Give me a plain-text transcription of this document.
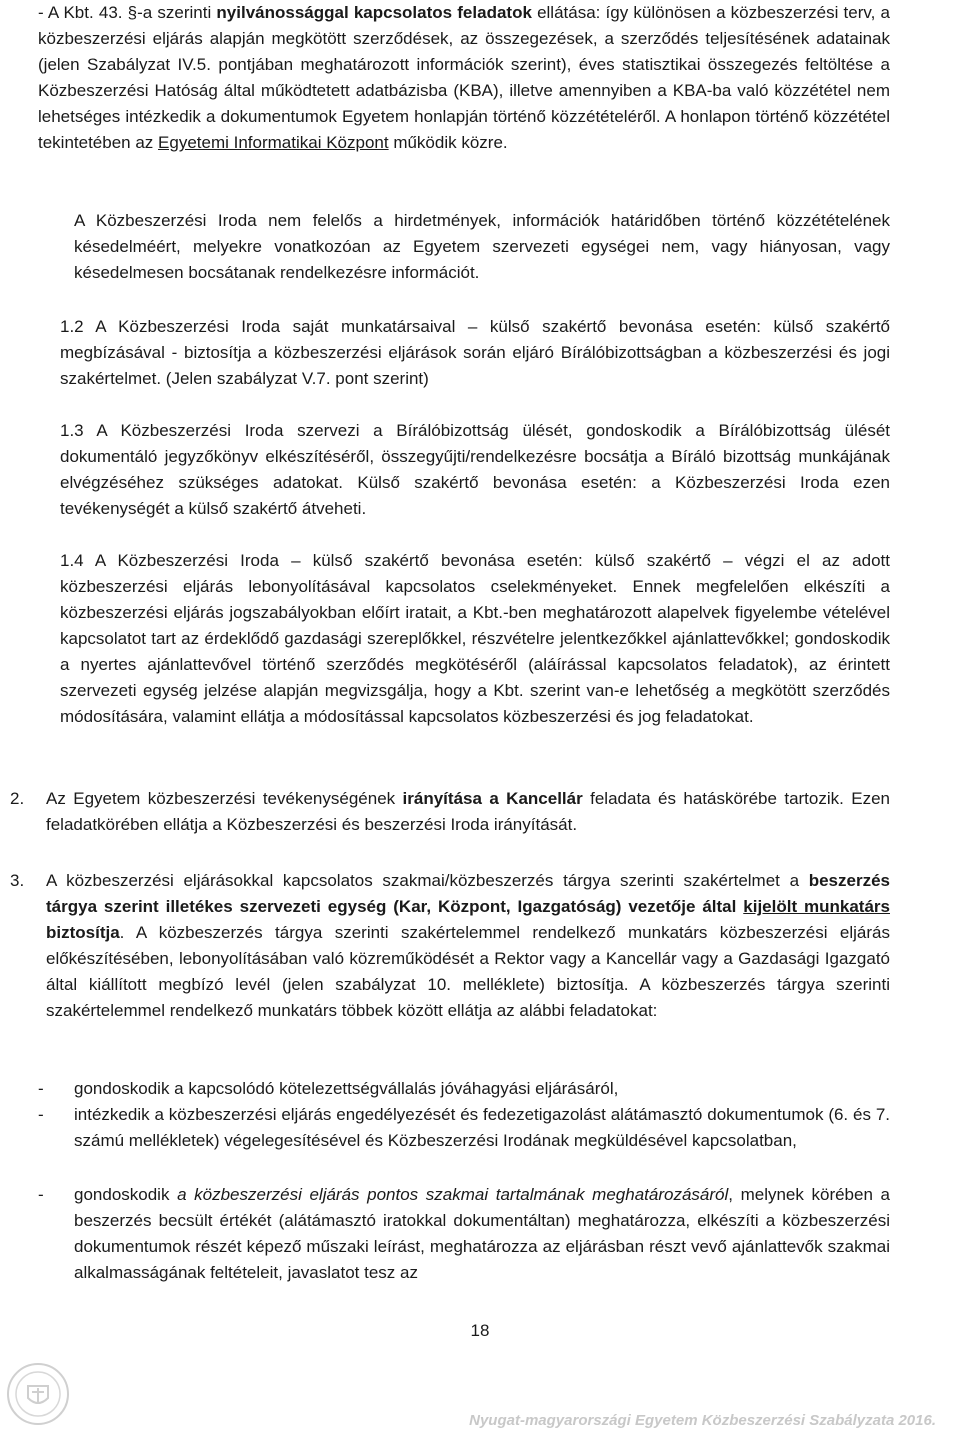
- A Kbt. 43. §-a szerinti nyilvánossággal kapcsolatos feladatok ellátása: így különösen a közbeszerzési terv, a közbeszerzési eljárás alapján megkötött szerződések, az összegezések, a szerződés teljesítésének adatainak (jelen Szabályzat IV.5. pontjában meghatározott információk szerint), éves statisztikai összegezés feltöltése a Közbeszerzési Hatóság által működtetett adatbázisba (KBA), illetve amennyiben a KBA-ba való közzététel nem lehetséges intézkedik a dokumentumok Egyetem honlapján történő közzétételéről. A honlapon történő közzététel tekintetében az Egyetemi Informatikai Központ működik közre.

A Közbeszerzési Iroda nem felelős a hirdetmények, információk határidőben történő közzétételének késedelméért, melyekre vonatkozóan az Egyetem szervezeti egységei nem, vagy hiányosan, vagy késedelmesen bocsátanak rendelkezésre információt.

1.2 A Közbeszerzési Iroda saját munkatársaival – külső szakértő bevonása esetén: külső szakértő megbízásával - biztosítja a közbeszerzési eljárások során eljáró Bírálóbizottságban a közbeszerzési és jogi szakértelmet. (Jelen szabályzat V.7. pont szerint)

1.3 A Közbeszerzési Iroda szervezi a Bírálóbizottság ülését, gondoskodik a Bírálóbizottság ülését dokumentáló jegyzőkönyv elkészítéséről, összegyűjti/rendelkezésre bocsátja a Bíráló bizottság munkájának elvégzéséhez szükséges adatokat. Külső szakértő bevonása esetén: a Közbeszerzési Iroda ezen tevékenységét a külső szakértő átveheti.

1.4 A Közbeszerzési Iroda – külső szakértő bevonása esetén: külső szakértő – végzi el az adott közbeszerzési eljárás lebonyolításával kapcsolatos cselekményeket. Ennek megfelelően elkészíti a közbeszerzési eljárás jogszabályokban előírt iratait, a Kbt.-ben meghatározott alapelvek figyelembe vételével kapcsolatot tart az érdeklődő gazdasági szereplőkkel, részvételre jelentkezőkkel ajánlattevőkkel; gondoskodik a nyertes ajánlattevővel történő szerződés megkötéséről (aláírással kapcsolatos feladatok), az érintett szervezeti egység jelzése alapján megvizsgálja, hogy a Kbt. szerint van-e lehetőség a megkötött szerződés módosítására, valamint ellátja a módosítással kapcsolatos közbeszerzési és jog feladatokat.

2. Az Egyetem közbeszerzési tevékenységének irányítása a Kancellár feladata és hatáskörébe tartozik. Ezen feladatkörében ellátja a Közbeszerzési és beszerzési Iroda irányítását.

3. A közbeszerzési eljárásokkal kapcsolatos szakmai/közbeszerzés tárgya szerinti szakértelmet a beszerzés tárgya szerint illetékes szervezeti egység (Kar, Központ, Igazgatóság) vezetője által kijelölt munkatárs biztosítja. A közbeszerzés tárgya szerinti szakértelemmel rendelkező munkatárs közbeszerzési eljárás előkészítésében, lebonyolításában való közreműködését a Rektor vagy a Kancellár vagy a Gazdasági Igazgató által kiállított megbízó levél (jelen szabályzat 10. melléklete) biztosítja. A közbeszerzés tárgya szerinti szakértelemmel rendelkező munkatárs többek között ellátja az alábbi feladatokat:

- gondoskodik a kapcsolódó kötelezettségvállalás jóváhagyási eljárásáról,

- intézkedik a közbeszerzési eljárás engedélyezését és fedezetigazolást alátámasztó dokumentumok (6. és 7. számú mellékletek) végelegesítésével és Közbeszerzési Irodának megküldésével kapcsolatban,

- gondoskodik a közbeszerzési eljárás pontos szakmai tartalmának meghatározásáról, melynek körében a beszerzés becsült értékét (alátámasztó iratokkal dokumentáltan) meghatározza, elkészíti a közbeszerzési dokumentumok részét képező műszaki leírást, meghatározza az eljárásban részt vevő ajánlattevők szakmai alkalmasságának feltételeit, javaslatot tesz az

18
Nyugat-magyarországi Egyetem Közbeszerzési Szabályzata 2016.
